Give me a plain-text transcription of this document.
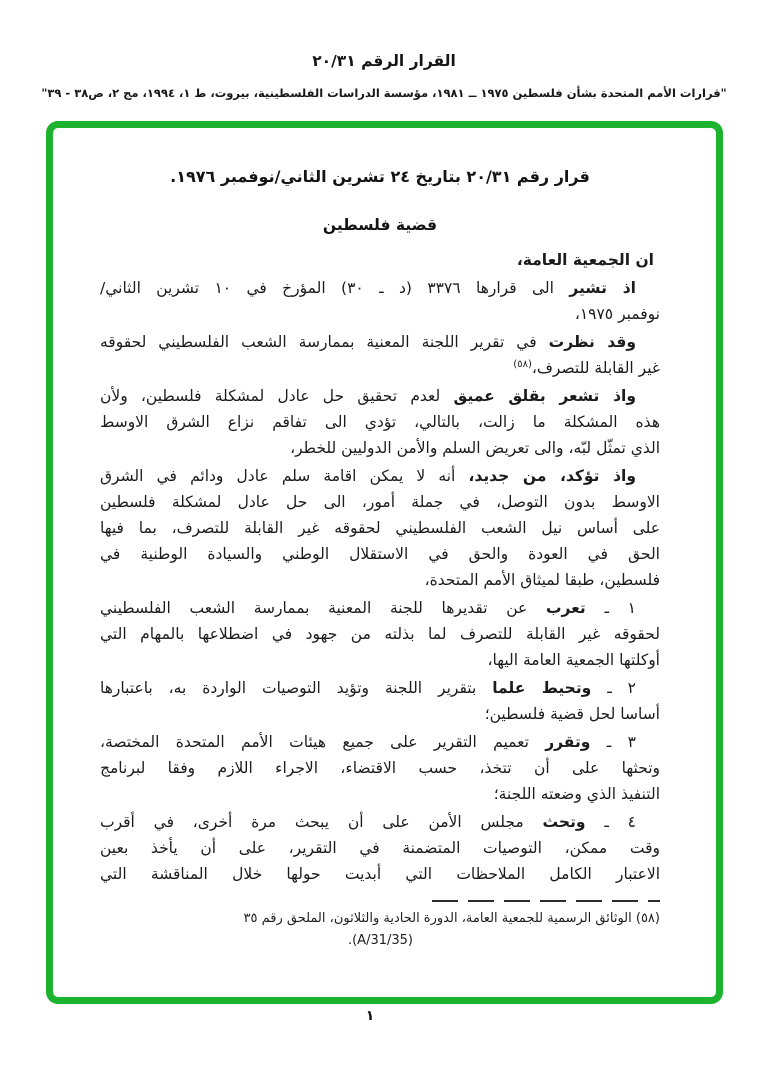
القرار الرقم ٢٠/٣١
"قرارات الأمم المتحدة بشأن فلسطين ١٩٧٥ ــ ١٩٨١، مؤسسة الدراسات الفلسطينية، بيروت، ط ١، ١٩٩٤، مج ٢، ص٣٨ - ٣٩"
قرار رقم ٢٠/٣١ بتاريخ ٢٤ تشرين الثاني/نوفمبر ١٩٧٦.
قضية فلسطين
ان الجمعية العامة،
اذ تشير الى قرارها ٣٣٧٦ (د ـ ٣٠) المؤرخ في ١٠ تشرين الثاني/
نوفمبر ١٩٧٥،
وقد نظرت في تقرير اللجنة المعنية بممارسة الشعب الفلسطيني لحقوقه
غير القابلة للتصرف،$^{(٥٨)}$
واذ تشعر بقلق عميق لعدم تحقيق حل عادل لمشكلة فلسطين، ولأن
هذه المشكلة ما زالت، بالتالي، تؤدي الى تفاقم نزاع الشرق الاوسط
الذي تمثّل لبّه، والى تعريض السلم والأمن الدوليين للخطر،
واذ تؤكد، من جديد، أنه لا يمكن اقامة سلم عادل ودائم في الشرق
الاوسط بدون التوصل، في جملة أمور، الى حل عادل لمشكلة فلسطين
على أساس نيل الشعب الفلسطيني لحقوقه غير القابلة للتصرف، بما فيها
الحق في العودة والحق في الاستقلال الوطني والسيادة الوطنية في
فلسطين، طبقا لميثاق الأمم المتحدة،
١ ـ تعرب عن تقديرها للجنة المعنية بممارسة الشعب الفلسطيني
لحقوقه غير القابلة للتصرف لما بذلته من جهود في اضطلاعها بالمهام التي
أوكلتها الجمعية العامة اليها،
٢ ـ وتحيط علما بتقرير اللجنة وتؤيد التوصيات الواردة به، باعتبارها
أساسا لحل قضية فلسطين؛
٣ ـ وتقرر تعميم التقرير على جميع هيئات الأمم المتحدة المختصة،
وتحثها على أن تتخذ، حسب الاقتضاء، الاجراء اللازم وفقا لبرنامج
التنفيذ الذي وضعته اللجنة؛
٤ ـ وتحث مجلس الأمن على أن يبحث مرة أخرى، في أقرب
وقت ممكن، التوصيات المتضمنة في التقرير، على أن يأخذ بعين
الاعتبار الكامل الملاحظات التي أبديت حولها خلال المناقشة التي
(٥٨) الوثائق الرسمية للجمعية العامة، الدورة الحادية والثلاثون، الملحق رقم ٣٥
(A/31/35).
١
